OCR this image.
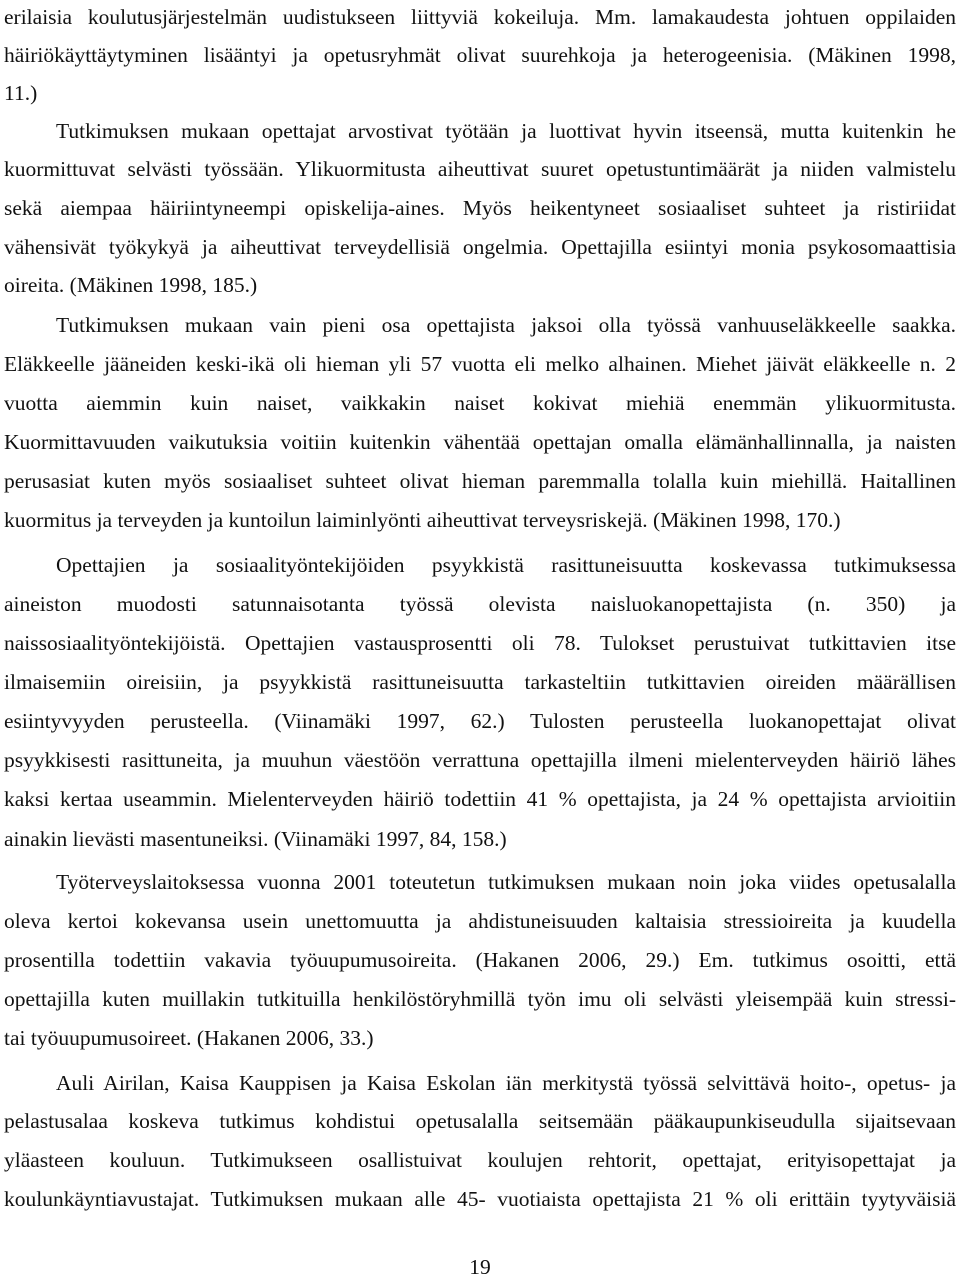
erilaisia koulutusjärjestelmän uudistukseen liittyviä kokeiluja. Mm. lamakaudesta johtuen oppilaiden
häiriökäyttäytyminen lisääntyi ja opetusryhmät olivat suurehkoja ja heterogeenisia. (Mäkinen 1998,
11.)
Tutkimuksen mukaan opettajat arvostivat työtään ja luottivat hyvin itseensä, mutta kuitenkin he
kuormittuvat selvästi työssään. Ylikuormitusta aiheuttivat suuret opetustuntimäärät ja niiden valmistelu
sekä aiempaa häiriintyneempi opiskelija-aines. Myös heikentyneet sosiaaliset suhteet ja ristiriidat
vähensivät työkykyä ja aiheuttivat terveydellisiä ongelmia. Opettajilla esiintyi monia psykosomaattisia
oireita. (Mäkinen 1998, 185.)
Tutkimuksen mukaan vain pieni osa opettajista jaksoi olla työssä vanhuuseläkkeelle saakka.
Eläkkeelle jääneiden keski-ikä oli hieman yli 57 vuotta eli melko alhainen. Miehet jäivät eläkkeelle n. 2
vuotta aiemmin kuin naiset, vaikkakin naiset kokivat miehiä enemmän ylikuormitusta.
Kuormittavuuden vaikutuksia voitiin kuitenkin vähentää opettajan omalla elämänhallinnalla, ja naisten
perusasiat kuten myös sosiaaliset suhteet olivat hieman paremmalla tolalla kuin miehillä. Haitallinen
kuormitus ja terveyden ja kuntoilun laiminlyönti aiheuttivat terveysriskejä. (Mäkinen 1998, 170.)
Opettajien ja sosiaalityöntekijöiden psyykkistä rasittuneisuutta koskevassa tutkimuksessa
aineiston muodosti satunnaisotanta työssä olevista naisluokanopettajista (n. 350) ja
naissosiaalityöntekijöistä. Opettajien vastausprosentti oli 78. Tulokset perustuivat tutkittavien itse
ilmaisemiin oireisiin, ja psyykkistä rasittuneisuutta tarkasteltiin tutkittavien oireiden määrällisen
esiintyvyyden perusteella. (Viinamäki 1997, 62.) Tulosten perusteella luokanopettajat olivat
psyykkisesti rasittuneita, ja muuhun väestöön verrattuna opettajilla ilmeni mielenterveyden häiriö lähes
kaksi kertaa useammin. Mielenterveyden häiriö todettiin 41 % opettajista, ja 24 % opettajista arvioitiin
ainakin lievästi masentuneiksi. (Viinamäki 1997, 84, 158.)
Työterveyslaitoksessa vuonna 2001 toteutetun tutkimuksen mukaan noin joka viides opetusalalla
oleva kertoi kokevansa usein unettomuutta ja ahdistuneisuuden kaltaisia stressioireita ja kuudella
prosentilla todettiin vakavia työuupumusoireita. (Hakanen 2006, 29.) Em. tutkimus osoitti, että
opettajilla kuten muillakin tutkituilla henkilöstöryhmillä työn imu oli selvästi yleisempää kuin stressi-
tai työuupumusoireet. (Hakanen 2006, 33.)
Auli Airilan, Kaisa Kauppisen ja Kaisa Eskolan iän merkitystä työssä selvittävä hoito-, opetus- ja
pelastusalaa koskeva tutkimus kohdistui opetusalalla seitsemään pääkaupunkiseudulla sijaitsevaan
yläasteen kouluun. Tutkimukseen osallistuivat koulujen rehtorit, opettajat, erityisopettajat ja
koulunkäyntiavustajat. Tutkimuksen mukaan alle 45- vuotiaista opettajista 21 % oli erittäin tyytyväisiä
19
